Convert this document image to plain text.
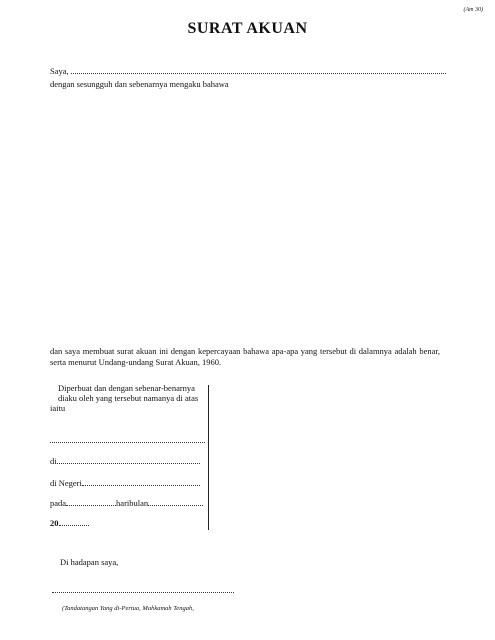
(Am 30)
SURAT AKUAN
Saya,
dengan sesungguh dan sebenarnya mengaku bahawa
dan saya membuat surat akuan ini dengan kepercayaan bahawa apa-apa yang tersebut di dalamnya adalah benar, serta menurut Undang-undang Surat Akuan, 1960.
Diperbuat dan dengan sebenar-benarnya
diaku oleh yang tersebut namanya di atas
iaitu
di
di Negeri
pada	haribulan
20
Di hadapan saya,
(Tandatangan Yang di-Pertua, Mahkamah Tengah,
